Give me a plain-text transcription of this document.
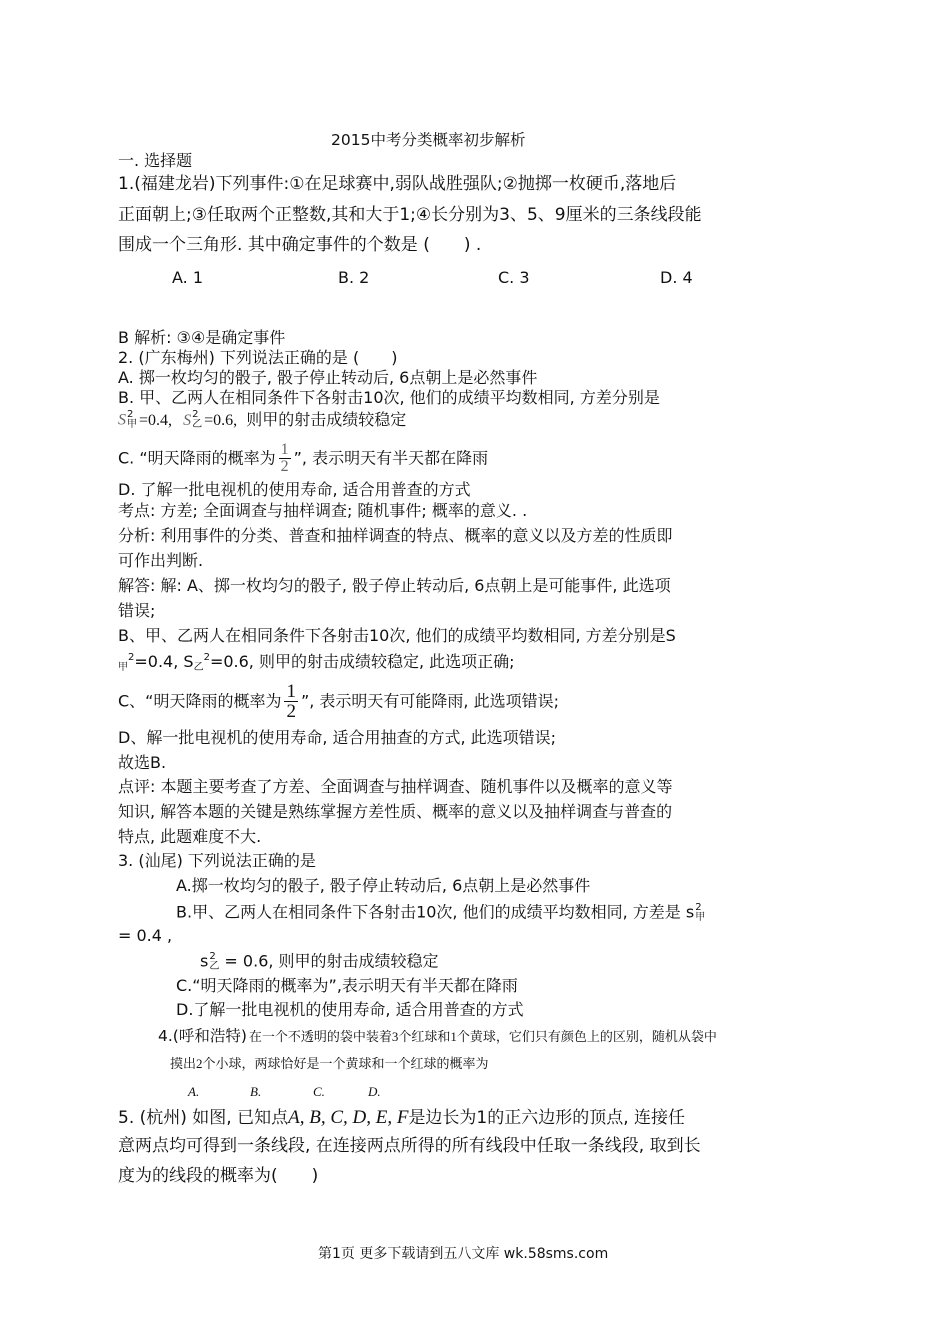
2015中考分类概率初步解析
一. 选择题
1.(福建龙岩)下列事件:①在足球赛中,弱队战胜强队;②抛掷一枚硬币,落地后
正面朝上;③任取两个正整数,其和大于1;④长分别为3、5、9厘米的三条线段能
围成一个三角形. 其中确定事件的个数是 (　　) .
A. 1	B. 2	C. 3	D. 4
B 解析: ③④是确定事件
2. (广东梅州) 下列说法正确的是 (　　)
A. 掷一枚均匀的骰子, 骰子停止转动后, 6点朝上是必然事件
B. 甲、乙两人在相同条件下各射击10次, 他们的成绩平均数相同, 方差分别是
S 2
甲 =0.4, S 2
乙 =0.6, 则甲的射击成绩较稳定
C. “明天降雨的概率为 $\frac{1}{2}$ ”, 表示明天有半天都在降雨
D. 了解一批电视机的使用寿命, 适合用普查的方式
考点: 方差; 全面调查与抽样调查; 随机事件; 概率的意义. .
分析: 利用事件的分类、普查和抽样调查的特点、概率的意义以及方差的性质即
可作出判断.
解答: 解: A、掷一枚均匀的骰子, 骰子停止转动后, 6点朝上是可能事件, 此选项
错误;
B、甲、乙两人在相同条件下各射击10次, 他们的成绩平均数相同, 方差分别是S
$_甲^2$=0.4, $S_乙^2=0.6$, 则甲的射击成绩较稳定, 此选项正确;
C、“明天降雨的概率为 $\frac{1}{2}$ ”, 表示明天有可能降雨, 此选项错误;
D、解一批电视机的使用寿命, 适合用抽查的方式, 此选项错误;
故选B.
点评: 本题主要考查了方差、全面调查与抽样调查、随机事件以及概率的意义等
知识, 解答本题的关键是熟练掌握方差性质、概率的意义以及抽样调查与普查的
特点, 此题难度不大.
3. (汕尾) 下列说法正确的是
A.掷一枚均匀的骰子, 骰子停止转动后, 6点朝上是必然事件
B.甲、乙两人在相同条件下各射击10次, 他们的成绩平均数相同, 方差是 s 2
甲
= 0.4 ,
s 2
乙 = 0.6, 则甲的射击成绩较稳定
C.“明天降雨的概率为”,表示明天有半天都在降雨
D.了解一批电视机的使用寿命, 适合用普查的方式
4.(呼和浩特) 在一个不透明的袋中装着3个红球和1个黄球，它们只有颜色上的区别，随机从袋中
摸出2个小球，两球恰好是一个黄球和一个红球的概率为
A.	B.	C.	D.
5. (杭州) 如图, 已知点A, B, C, D, E, F是边长为1的正六边形的顶点, 连接任
意两点均可得到一条线段, 在连接两点所得的所有线段中任取一条线段, 取到长
度为的线段的概率为(　　)
第1页 更多下载请到五八文库 wk.58sms.com
